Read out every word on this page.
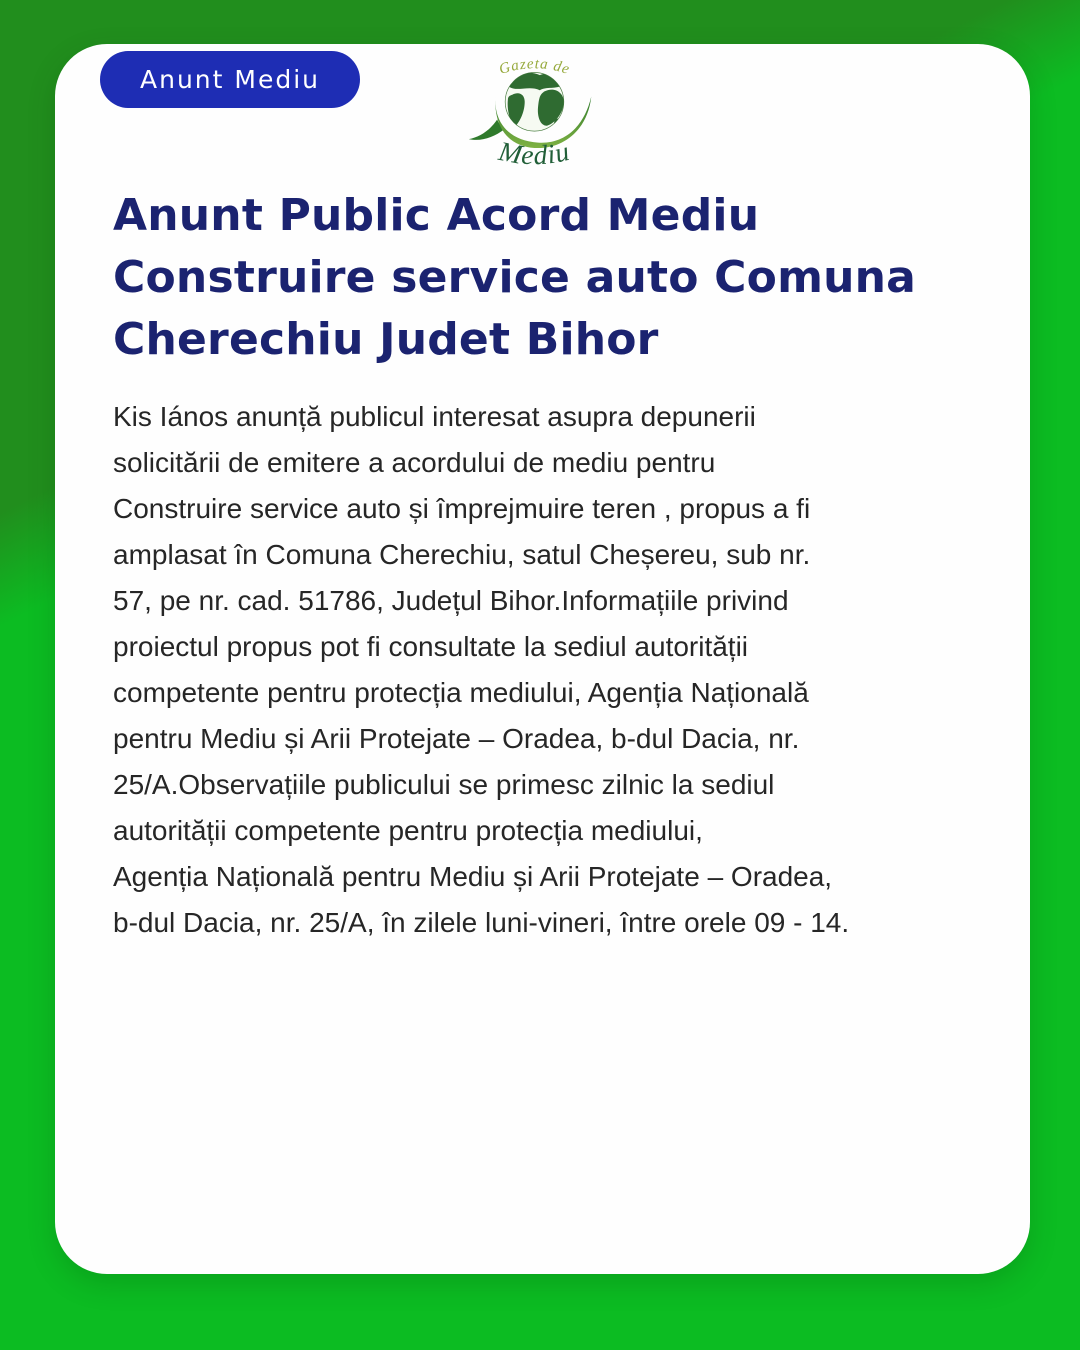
Anunt Mediu	Gazeta de
Mediu
Anunt Public Acord Mediu
Construire service auto Comuna
Cherechiu Judet Bihor
Kis Iános anunță publicul interesat asupra depunerii
solicitării de emitere a acordului de mediu pentru
Construire service auto și împrejmuire teren , propus a fi
amplasat în Comuna Cherechiu, satul Cheșereu, sub nr.
57, pe nr. cad. 51786, Județul Bihor.Informațiile privind
proiectul propus pot fi consultate la sediul autorității
competente pentru protecția mediului, Agenția Națională
pentru Mediu și Arii Protejate – Oradea, b-dul Dacia, nr.
25/A.Observațiile publicului se primesc zilnic la sediul
autorității competente pentru protecția mediului,
Agenția Națională pentru Mediu și Arii Protejate – Oradea,
b-dul Dacia, nr. 25/A, în zilele luni-vineri, între orele 09 - 14.
